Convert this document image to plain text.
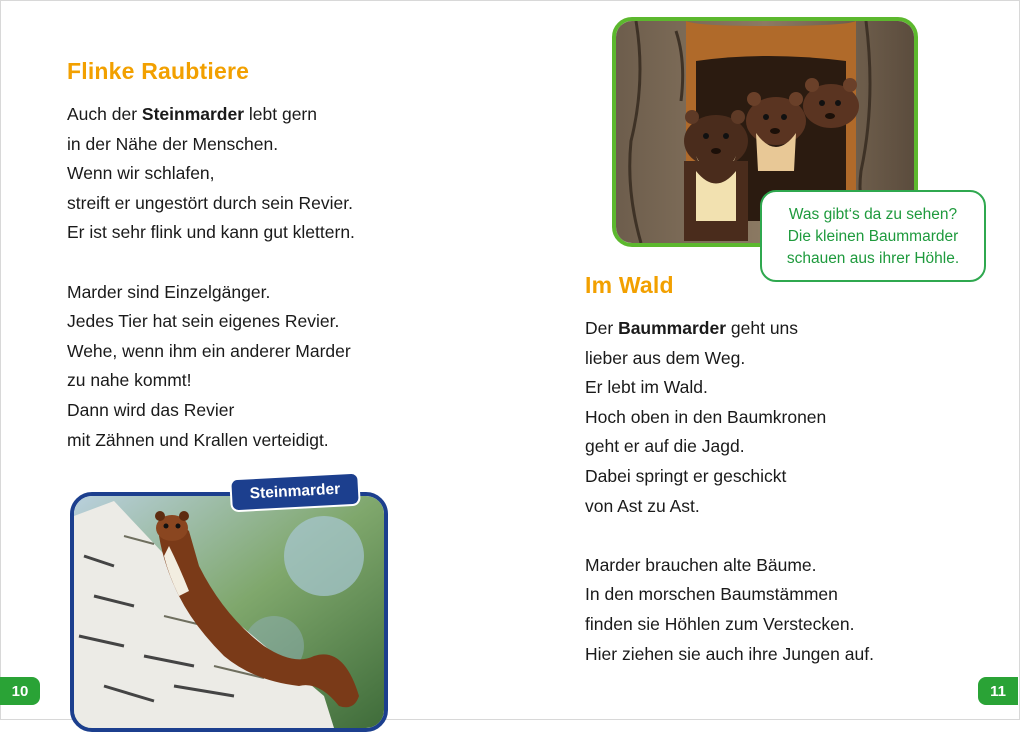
Flinke Raubtiere

Auch der Steinmarder lebt gern

in der Nähe der Menschen.

Wenn wir schlafen,

streift er ungestört durch sein Revier.

Er ist sehr flink und kann gut klettern.

Marder sind Einzelgänger.

Jedes Tier hat sein eigenes Revier.

Wehe, wenn ihm ein anderer Marder

zu nahe kommt!

Dann wird das Revier

mit Zähnen und Krallen verteidigt.

Steinmarder
10
Was gibt‘s da zu sehen?
Die kleinen Baummarder
schauen aus ihrer Höhle.
Im Wald

Der Baummarder geht uns

lieber aus dem Weg.

Er lebt im Wald.

Hoch oben in den Baumkronen

geht er auf die Jagd.

Dabei springt er geschickt

von Ast zu Ast.

Marder brauchen alte Bäume.

In den morschen Baumstämmen

finden sie Höhlen zum Verstecken.

Hier ziehen sie auch ihre Jungen auf.

11
